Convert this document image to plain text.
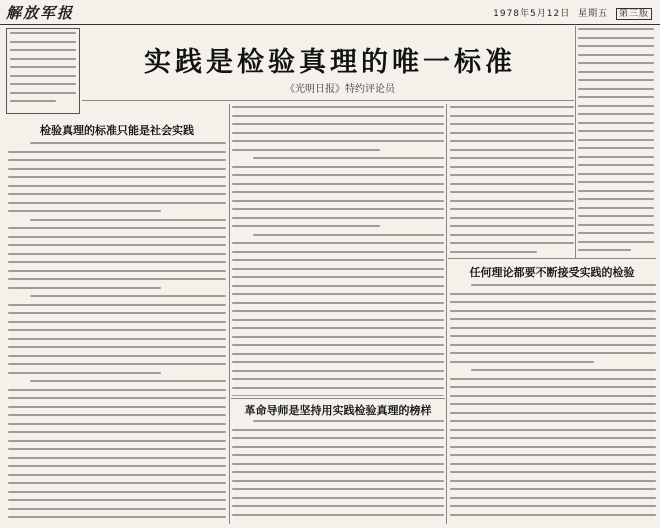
解放军报	1978年5月12日 星期五 第三版
实践是检验真理的唯一标准
《光明日报》特约评论员
检验真理的标准只能是社会实践
革命导师是坚持用实践检验真理的榜样
任何理论都要不断接受实践的检验
